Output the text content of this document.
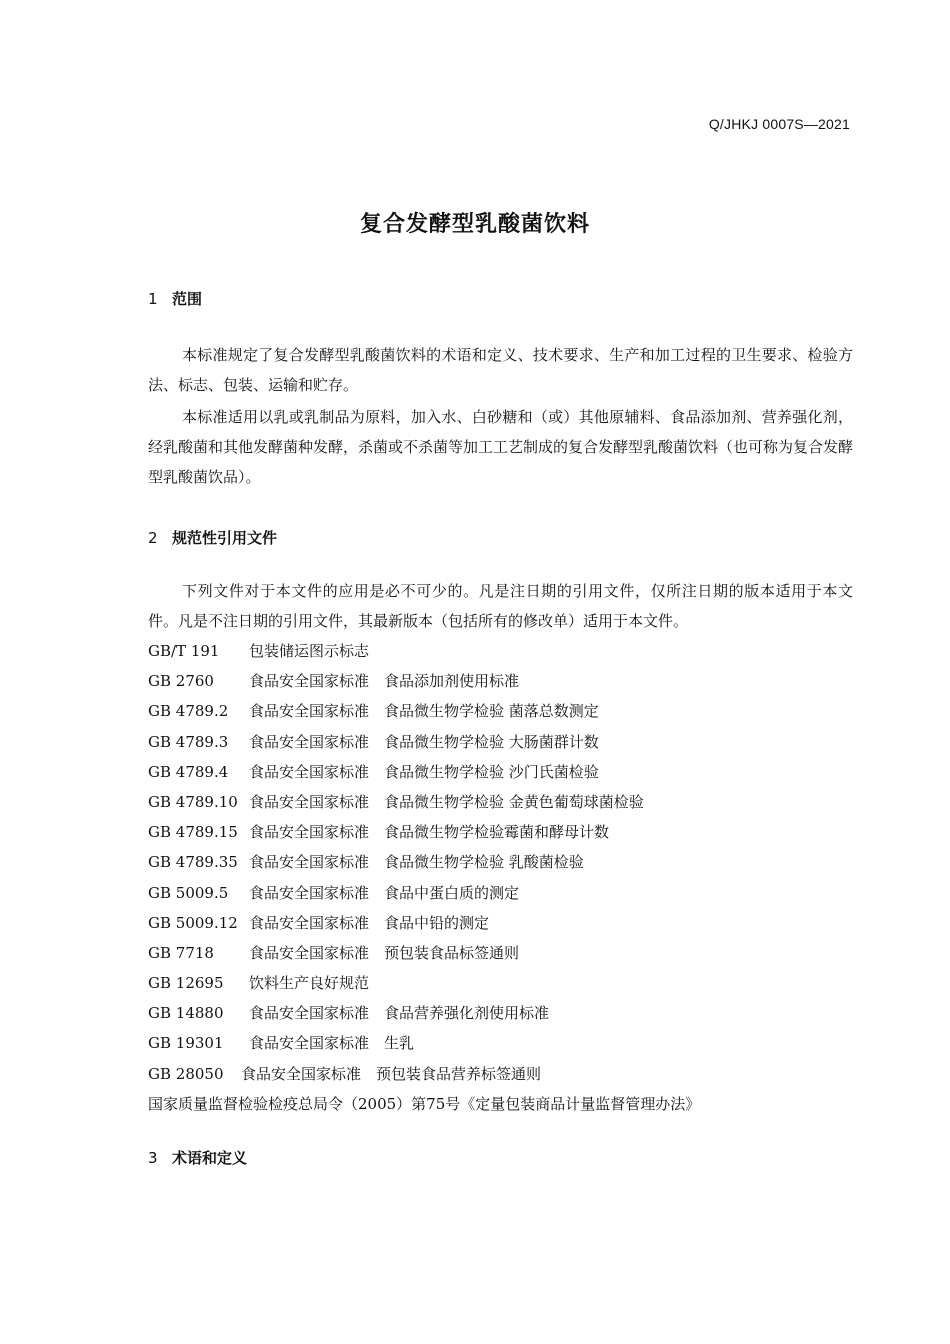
Q/JHKJ 0007S—2021
复合发酵型乳酸菌饮料
1 范围
本标准规定了复合发酵型乳酸菌饮料的术语和定义、技术要求、生产和加工过程的卫生要求、检验方法、标志、包装、运输和贮存。
本标准适用以乳或乳制品为原料，加入水、白砂糖和（或）其他原辅料、食品添加剂、营养强化剂，经乳酸菌和其他发酵菌种发酵，杀菌或不杀菌等加工工艺制成的复合发酵型乳酸菌饮料（也可称为复合发酵型乳酸菌饮品）。
2 规范性引用文件
下列文件对于本文件的应用是必不可少的。凡是注日期的引用文件，仅所注日期的版本适用于本文件。凡是不注日期的引用文件，其最新版本（包括所有的修改单）适用于本文件。
GB/T 191 包装储运图示标志
GB 2760 食品安全国家标准　食品添加剂使用标准
GB 4789.2 食品安全国家标准　食品微生物学检验 菌落总数测定
GB 4789.3 食品安全国家标准　食品微生物学检验 大肠菌群计数
GB 4789.4 食品安全国家标准　食品微生物学检验 沙门氏菌检验
GB 4789.10 食品安全国家标准　食品微生物学检验 金黄色葡萄球菌检验
GB 4789.15 食品安全国家标准　食品微生物学检验霉菌和酵母计数
GB 4789.35 食品安全国家标准　食品微生物学检验 乳酸菌检验
GB 5009.5 食品安全国家标准　食品中蛋白质的测定
GB 5009.12 食品安全国家标准　食品中铅的测定
GB 7718 食品安全国家标准　预包装食品标签通则
GB 12695 饮料生产良好规范
GB 14880 食品安全国家标准　食品营养强化剂使用标准
GB 19301 食品安全国家标准　生乳
GB 28050 食品安全国家标准　预包装食品营养标签通则
国家质量监督检验检疫总局令（2005）第75号《定量包装商品计量监督管理办法》
3 术语和定义
